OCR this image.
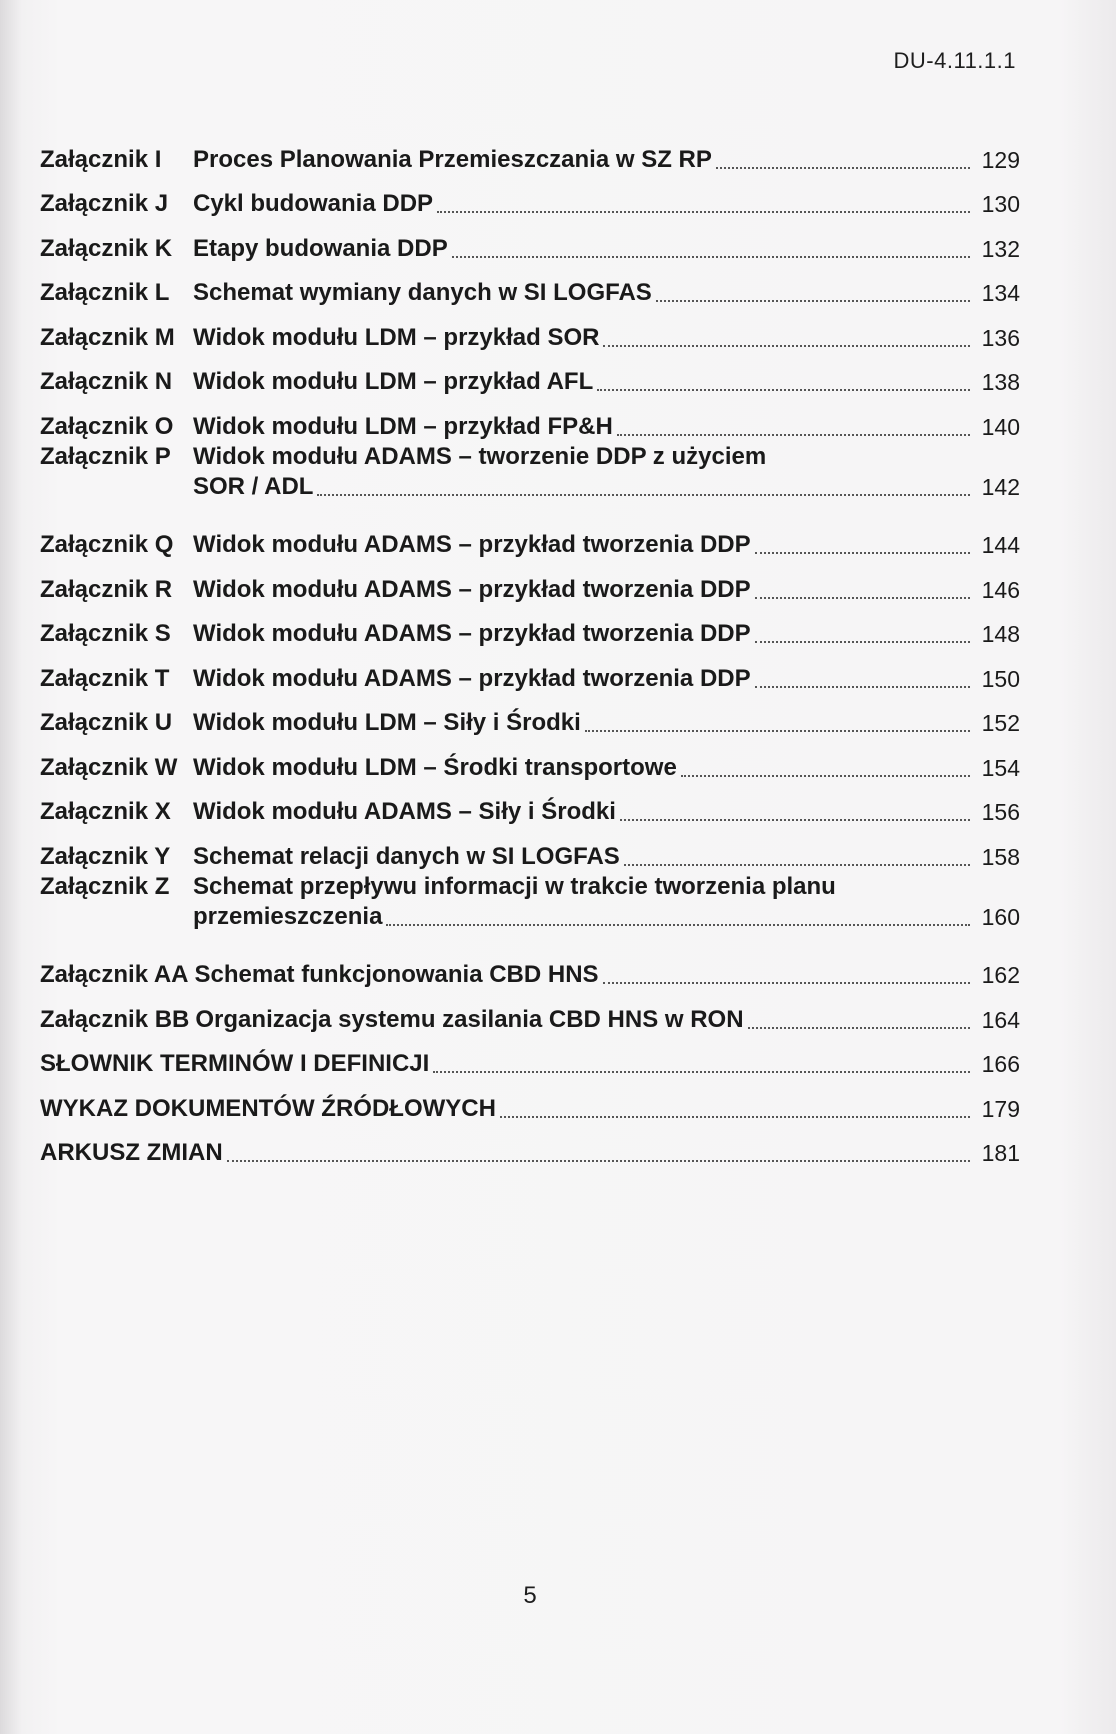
DU-4.11.1.1
Załącznik I	Proces Planowania Przemieszczania w SZ RP	129
Załącznik J	Cykl budowania DDP	130
Załącznik K Etapy budowania DDP	132
Załącznik L Schemat wymiany danych w SI LOGFAS	134
Załącznik M Widok modułu LDM – przykład SOR	136
Załącznik N Widok modułu LDM – przykład AFL	138
Załącznik O Widok modułu LDM – przykład FP&H	140
Załącznik P Widok modułu ADAMS – tworzenie DDP z użyciem
SOR / ADL	142
Załącznik Q Widok modułu ADAMS – przykład tworzenia DDP	144
Załącznik R Widok modułu ADAMS – przykład tworzenia DDP	146
Załącznik S Widok modułu ADAMS – przykład tworzenia DDP	148
Załącznik T Widok modułu ADAMS – przykład tworzenia DDP	150
Załącznik U Widok modułu LDM – Siły i Środki	152
Załącznik W Widok modułu LDM – Środki transportowe	154
Załącznik X Widok modułu ADAMS – Siły i Środki	156
Załącznik Y Schemat relacji danych w SI LOGFAS	158
Załącznik Z Schemat przepływu informacji w trakcie tworzenia planu
przemieszczenia	160
Załącznik AA Schemat funkcjonowania CBD HNS	162
Załącznik BB Organizacja systemu zasilania CBD HNS w RON	164
SŁOWNIK TERMINÓW I DEFINICJI	166
WYKAZ DOKUMENTÓW ŹRÓDŁOWYCH	179
ARKUSZ ZMIAN	181
5
